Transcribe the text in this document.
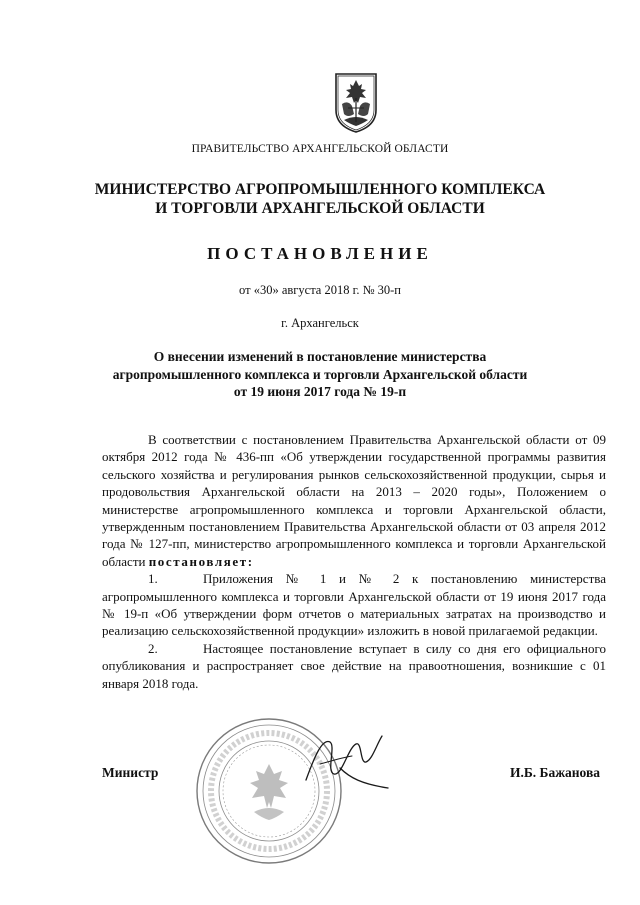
ПРАВИТЕЛЬСТВО АРХАНГЕЛЬСКОЙ ОБЛАСТИ
МИНИСТЕРСТВО АГРОПРОМЫШЛЕННОГО КОМПЛЕКСА
И ТОРГОВЛИ АРХАНГЕЛЬСКОЙ ОБЛАСТИ
ПОСТАНОВЛЕНИЕ
от «30» августа 2018 г. № 30-п
г. Архангельск
О внесении изменений в постановление министерства
агропромышленного комплекса и торговли Архангельской области
от 19 июня 2017 года № 19-п

В соответствии с постановлением Правительства Архангельской области от 09 октября 2012 года № 436-пп «Об утверждении государственной программы развития сельского хозяйства и регулирования рынков сельскохозяйственной продукции, сырья и продовольствия Архангельской области на 2013 – 2020 годы», Положением о министерстве агропромышленного комплекса и торговли Архангельской области, утвержденным постановлением Правительства Архангельской области от 03 апреля 2012 года № 127-пп, министерство агропромышленного комплекса и торговли Архангельской области постановляет:

1.	Приложения № 1 и № 2 к постановлению министерства агропромышленного комплекса и торговли Архангельской области от 19 июня 2017 года № 19-п «Об утверждении форм отчетов о материальных затратах на производство и реализацию сельскохозяйственной продукции» изложить в новой прилагаемой редакции.

2.	Настоящее постановление вступает в силу со дня его официального опубликования и распространяет свое действие на правоотношения, возникшие с 01 января 2018 года.

Министр	И.Б. Бажанова
